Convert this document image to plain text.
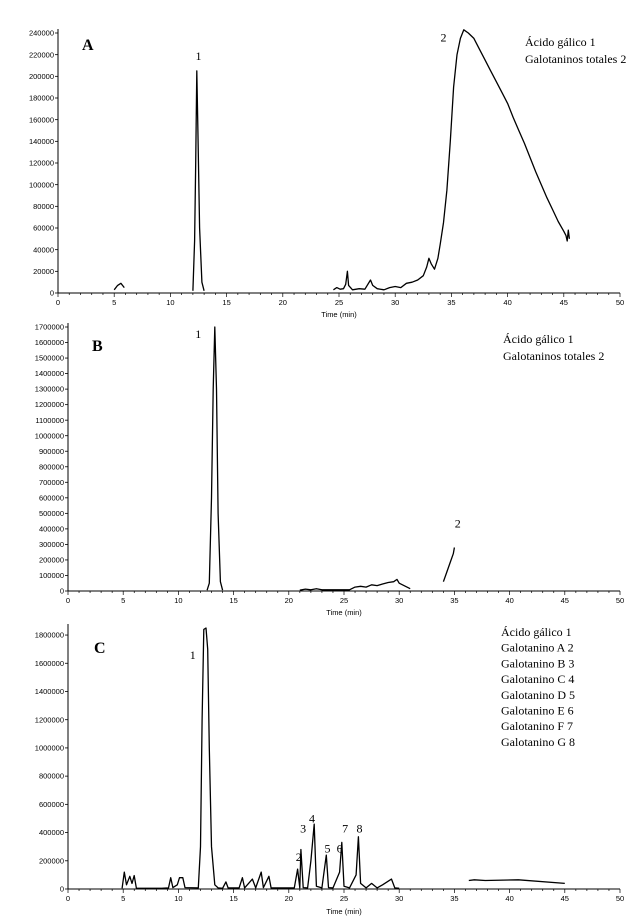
0
20000
40000
60000
80000
100000
120000
140000
160000
180000
200000
220000
240000
0	5	10	15	20	25	30	35	40	45	50
Time (min)
A
1
2	Ácido gálico 1
Galotaninos totales 2
0
100000
200000
300000
400000
500000
600000
700000
800000
900000
1000000
1100000
1200000
1300000
1400000
1500000
1600000
1700000
0	5	10	15	20	25	30	35	40	45	50
Time (min)
B
1
2
Ácido gálico 1
Galotaninos totales 2
0
200000
400000
600000
800000
1000000
1200000
1400000
1600000
1800000
0	5	10	15	20	25	30	35	40	45	50
Time (min)
C	1
2
3
4
5 6
7 8
Ácido gálico 1
Galotanino A 2
Galotanino B 3
Galotanino C 4
Galotanino D 5
Galotanino E 6
Galotanino F 7
Galotanino G 8
